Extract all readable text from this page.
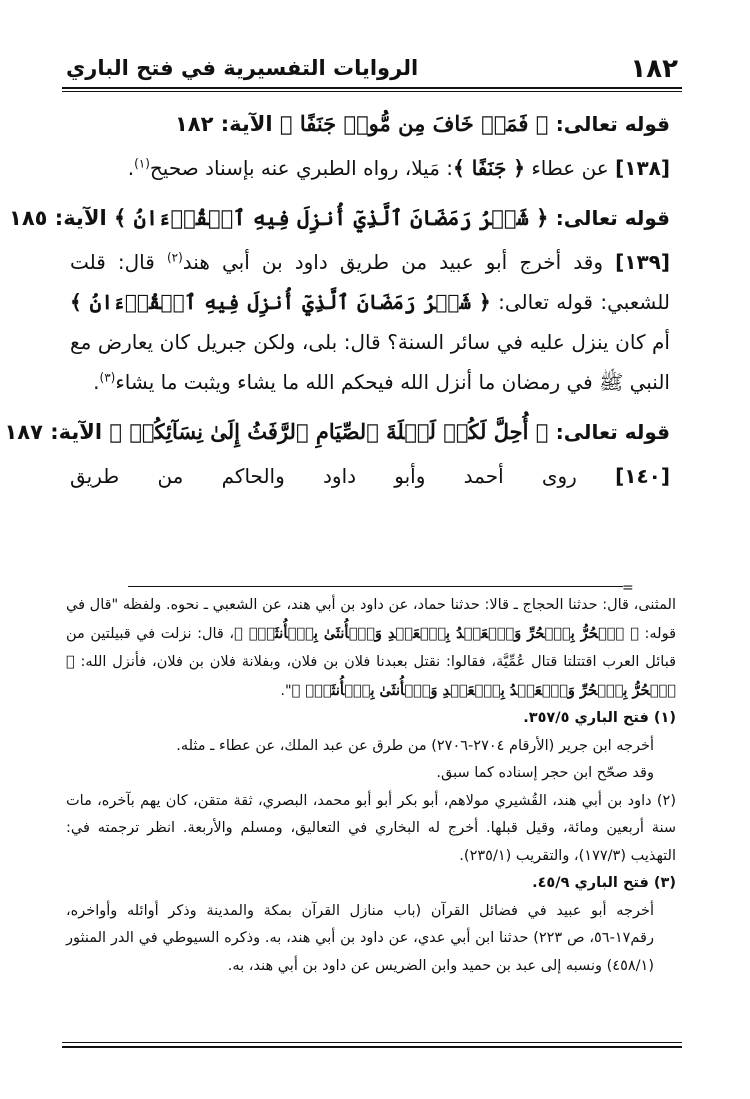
١٨٢
الروايات التفسيرية في فتح الباري

قوله تعالى: ﴿ فَمَنۡ خَافَ مِن مُّوصٖ جَنَفًا ﴾ الآية: ١٨٢

[١٣٨] عن عطاء ﴿ جَنَفًا ﴾: مَيلا، رواه الطبري عنه بإسناد صحيح$^{(١)}$.

قوله تعالى: ﴿ شَهۡرُ رَمَضَانَ ٱلَّذِيٓ أُنزِلَ فِيهِ ٱلۡقُرۡءَانُ ﴾ الآية: ١٨٥

[١٣٩] وقد أخرج أبو عبيد من طريق داود بن أبي هند$^{(٢)}$ قال: قلت للشعبي: قوله تعالى: ﴿ شَهۡرُ رَمَضَانَ ٱلَّذِيٓ أُنزِلَ فِيهِ ٱلۡقُرۡءَانُ ﴾ أم كان ينزل عليه في سائر السنة؟ قال: بلى، ولكن جبريل كان يعارض مع النبي ﷺ في رمضان ما أنزل الله فيحكم الله ما يشاء ويثبت ما يشاء$^{(٣)}$.

قوله تعالى: ﴿ أُحِلَّ لَكُمۡ لَيۡلَةَ ٱلصِّيَامِ ٱلرَّفَثُ إِلَىٰ نِسَآئِكُمۡ ﴾ الآية: ١٨٧

[١٤٠] روى أحمد وأبو داود والحاكم من طريق

=

المثنى، قال: حدثنا الحجاج ـ قالا: حدثنا حماد، عن داود بن أبي هند، عن الشعبي ـ نحوه. ولفظه "قال في قوله: ﴿ ٱلۡحُرُّ بِٱلۡحُرِّ وَٱلۡعَبۡدُ بِٱلۡعَبۡدِ وَٱلۡأُنثَىٰ بِٱلۡأُنثَىٰۚ ﴾، قال: نزلت في قبيلتين من قبائل العرب اقتتلتا قتال عُمِّيَّة، فقالوا: نقتل بعبدنا فلان بن فلان، وبفلانة فلان بن فلان، فأنزل الله: ﴿ ٱلۡحُرُّ بِٱلۡحُرِّ وَٱلۡعَبۡدُ بِٱلۡعَبۡدِ وَٱلۡأُنثَىٰ بِٱلۡأُنثَىٰۚ ﴾".

(١) فتح الباري ٣٥٧/٥.

أخرجه ابن جرير (الأرقام ٢٧٠٤-٢٧٠٦) من طرق عن عبد الملك، عن عطاء ـ مثله.

وقد صحّح ابن حجر إسناده كما سبق.

(٢) داود بن أبي هند، القُشيري مولاهم، أبو بكر أبو أبو محمد، البصري، ثقة متقن، كان يهم بآخره، مات سنة أربعين ومائة، وقيل قبلها. أخرج له البخاري في التعاليق، ومسلم والأربعة. انظر ترجمته في: التهذيب (١٧٧/٣)، والتقريب (٢٣٥/١).

(٣) فتح الباري ٤٥/٩.

أخرجه أبو عبيد في فضائل القرآن (باب منازل القرآن بمكة والمدينة وذكر أوائله وأواخره، رقم١٧-٥٦، ص ٢٢٣) حدثنا ابن أبي عدي، عن داود بن أبي هند، به. وذكره السيوطي في الدر المنثور (٤٥٨/١) ونسبه إلى عبد بن حميد وابن الضريس عن داود بن أبي هند، به.
